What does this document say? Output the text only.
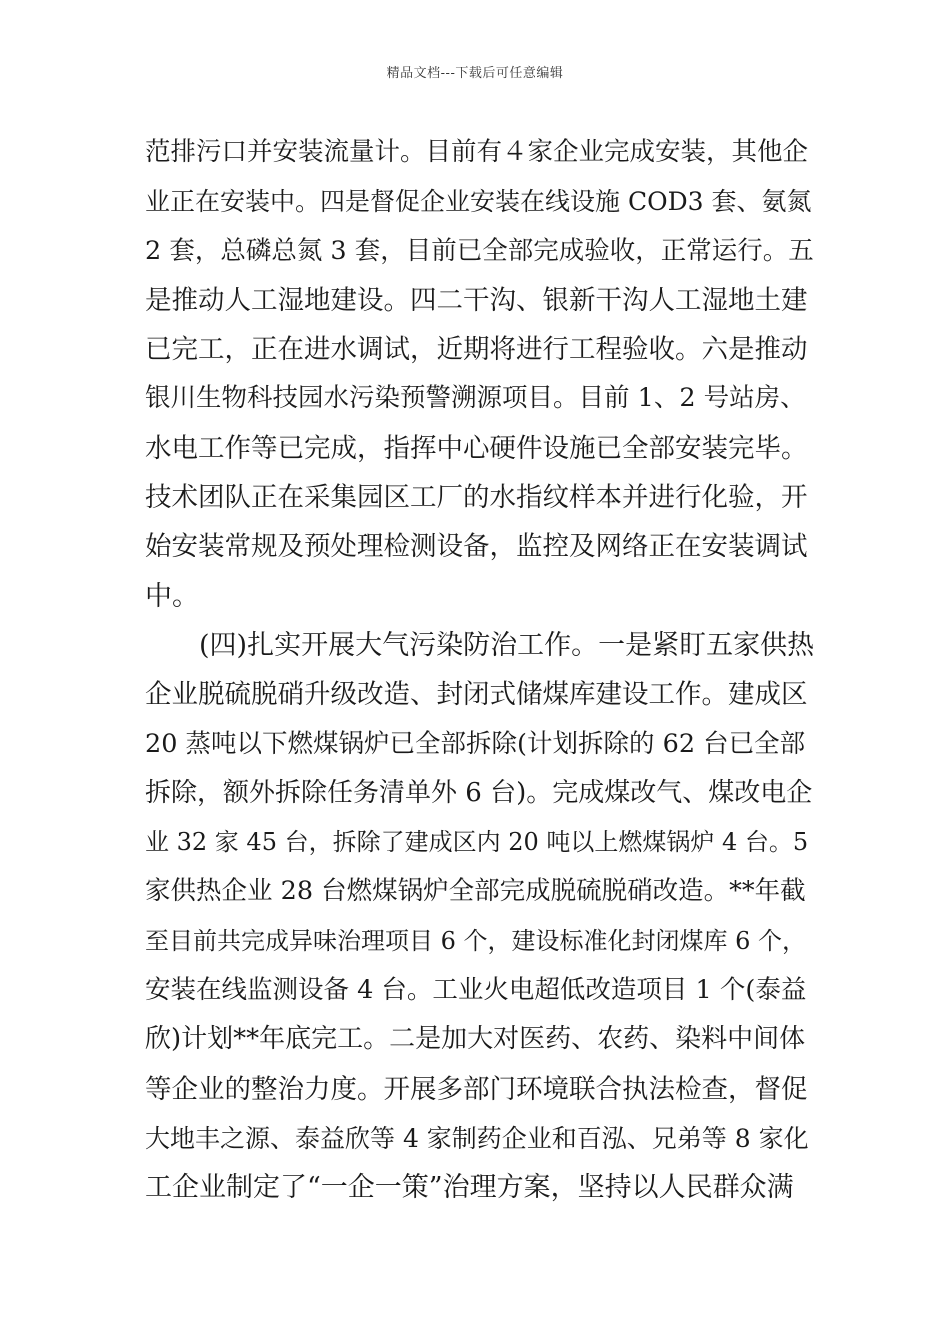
精品文档---下载后可任意编辑
范排污口并安装流量计。目前有４家企业完成安装，其他企
业正在安装中。四是督促企业安装在线设施 COD3 套、氨氮
2 套，总磷总氮 3 套，目前已全部完成验收，正常运行。五
是推动人工湿地建设。四二干沟、银新干沟人工湿地土建
已完工，正在进水调试，近期将进行工程验收。六是推动
银川生物科技园水污染预警溯源项目。目前 1、2 号站房、
水电工作等已完成，指挥中心硬件设施已全部安装完毕。
技术团队正在采集园区工厂的水指纹样本并进行化验，开
始安装常规及预处理检测设备，监控及网络正在安装调试
中。
(四)扎实开展大气污染防治工作。一是紧盯五家供热
企业脱硫脱硝升级改造、封闭式储煤库建设工作。建成区
20 蒸吨以下燃煤锅炉已全部拆除(计划拆除的 62 台已全部
拆除，额外拆除任务清单外 6 台)。完成煤改气、煤改电企
业 32 家 45 台，拆除了建成区内 20 吨以上燃煤锅炉 4 台。5
家供热企业 28 台燃煤锅炉全部完成脱硫脱硝改造。**年截
至目前共完成异味治理项目 6 个，建设标准化封闭煤库 6 个，
安装在线监测设备 4 台。工业火电超低改造项目 1 个(泰益
欣)计划**年底完工。二是加大对医药、农药、染料中间体
等企业的整治力度。开展多部门环境联合执法检查，督促
大地丰之源、泰益欣等 4 家制药企业和百泓、兄弟等 8 家化
工企业制定了“一企一策”治理方案，坚持以人民群众满
